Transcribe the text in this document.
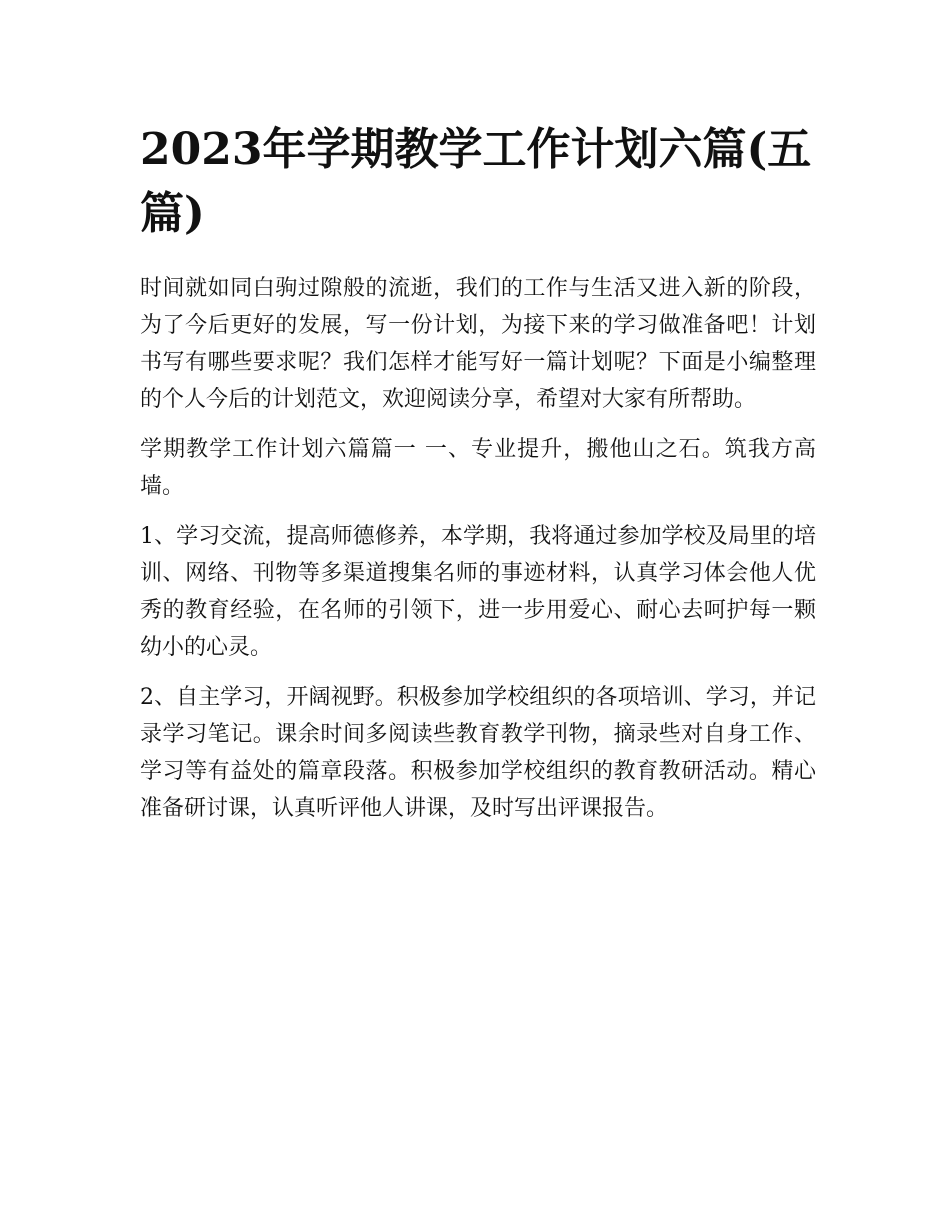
2023年学期教学工作计划六篇(五篇)

时间就如同白驹过隙般的流逝，我们的工作与生活又进入新的阶段，为了今后更好的发展，写一份计划，为接下来的学习做准备吧！计划书写有哪些要求呢？我们怎样才能写好一篇计划呢？下面是小编整理的个人今后的计划范文，欢迎阅读分享，希望对大家有所帮助。

学期教学工作计划六篇篇一 一、专业提升，搬他山之石。筑我方高墙。

1、学习交流，提高师德修养，本学期，我将通过参加学校及局里的培训、网络、刊物等多渠道搜集名师的事迹材料，认真学习体会他人优秀的教育经验，在名师的引领下，进一步用爱心、耐心去呵护每一颗幼小的心灵。

2、自主学习，开阔视野。积极参加学校组织的各项培训、学习，并记录学习笔记。课余时间多阅读些教育教学刊物，摘录些对自身工作、学习等有益处的篇章段落。积极参加学校组织的教育教研活动。精心准备研讨课，认真听评他人讲课，及时写出评课报告。
